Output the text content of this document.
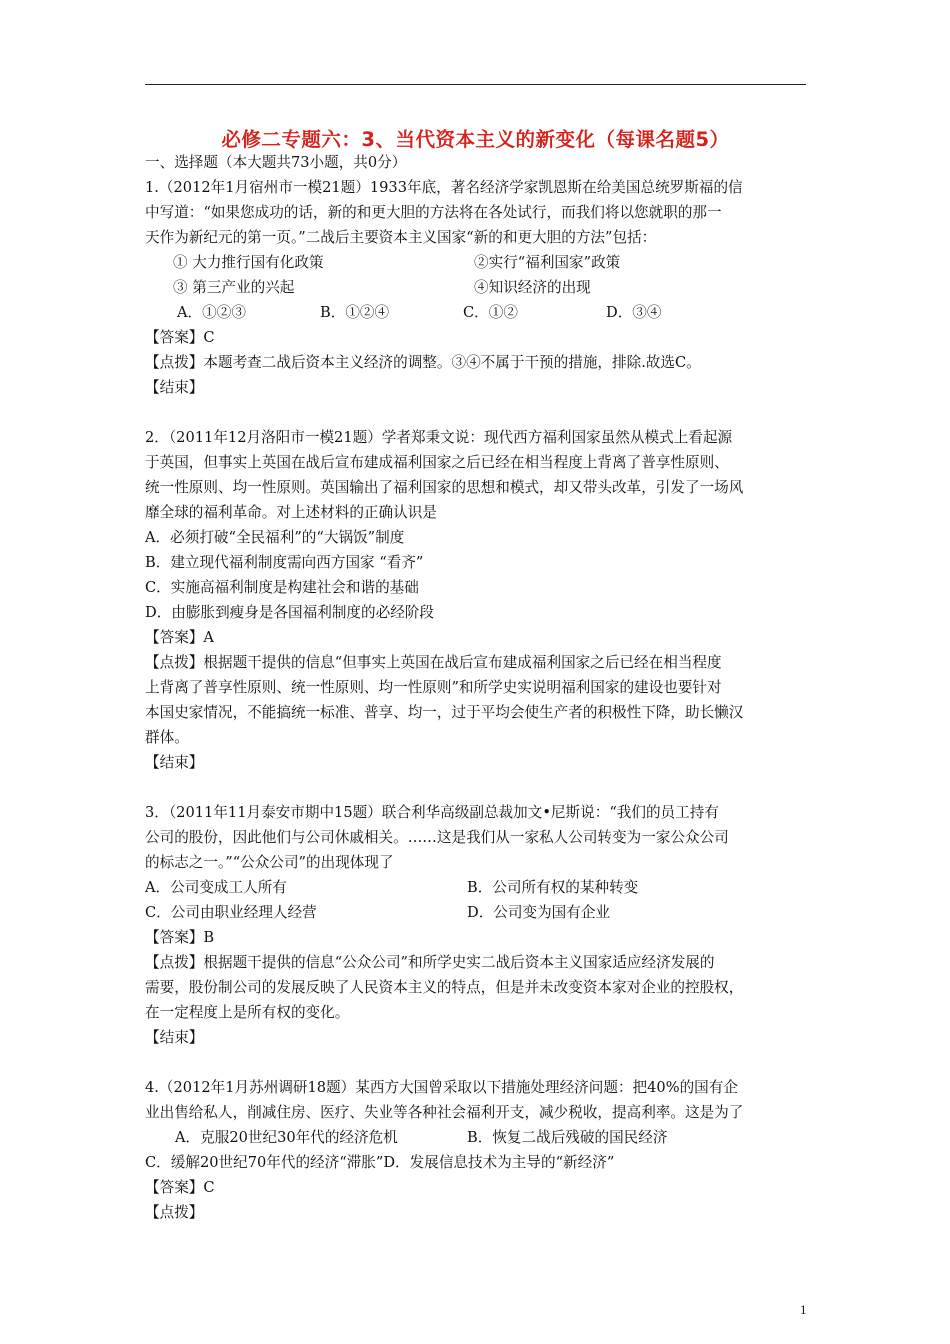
必修二专题六：3、当代资本主义的新变化（每课名题5）
一、选择题（本大题共73小题，共0分）
1.（2012年1月宿州市一模21题）1933年底，著名经济学家凯恩斯在给美国总统罗斯福的信
中写道：“如果您成功的话，新的和更大胆的方法将在各处试行，而我们将以您就职的那一
天作为新纪元的第一页。”二战后主要资本主义国家“新的和更大胆的方法”包括：
① 大力推行国有化政策	②实行“福利国家”政策
③ 第三产业的兴起	④知识经济的出现
A．①②③	B．①②④	C．①②	D．③④
【答案】C
【点拨】本题考查二战后资本主义经济的调整。③④不属于干预的措施，排除.故选C。
【结束】
2．（2011年12月洛阳市一模21题）学者郑秉文说：现代西方福利国家虽然从模式上看起源
于英国，但事实上英国在战后宣布建成福利国家之后已经在相当程度上背离了普享性原则、
统一性原则、均一性原则。英国输出了福利国家的思想和模式，却又带头改革，引发了一场风
靡全球的福利革命。对上述材料的正确认识是
A．必须打破“全民福利”的“大锅饭”制度
B．建立现代福利制度需向西方国家 “看齐”
C．实施高福利制度是构建社会和谐的基础
D．由膨胀到瘦身是各国福利制度的必经阶段
【答案】A
【点拨】根据题干提供的信息“但事实上英国在战后宣布建成福利国家之后已经在相当程度
上背离了普享性原则、统一性原则、均一性原则”和所学史实说明福利国家的建设也要针对
本国史家情况，不能搞统一标准、普享、均一，过于平均会使生产者的积极性下降，助长懒汉
群体。
【结束】
3．（2011年11月泰安市期中15题）联合利华高级副总裁加文•尼斯说：“我们的员工持有
公司的股份，因此他们与公司休戚相关。……这是我们从一家私人公司转变为一家公众公司
的标志之一。”“公众公司”的出现体现了
A．公司变成工人所有	B．公司所有权的某种转变
C．公司由职业经理人经营	D．公司变为国有企业
【答案】B
【点拨】根据题干提供的信息“公众公司”和所学史实二战后资本主义国家适应经济发展的
需要，股份制公司的发展反映了人民资本主义的特点，但是并未改变资本家对企业的控股权，
在一定程度上是所有权的变化。
【结束】
4.（2012年1月苏州调研18题）某西方大国曾采取以下措施处理经济问题：把40%的国有企
业出售给私人，削减住房、医疗、失业等各种社会福利开支，减少税收，提高利率。这是为了
A．克服20世纪30年代的经济危机	B．恢复二战后残破的国民经济
C．缓解20世纪70年代的经济“滞胀”D．发展信息技术为主导的“新经济”
【答案】C
【点拨】
1
